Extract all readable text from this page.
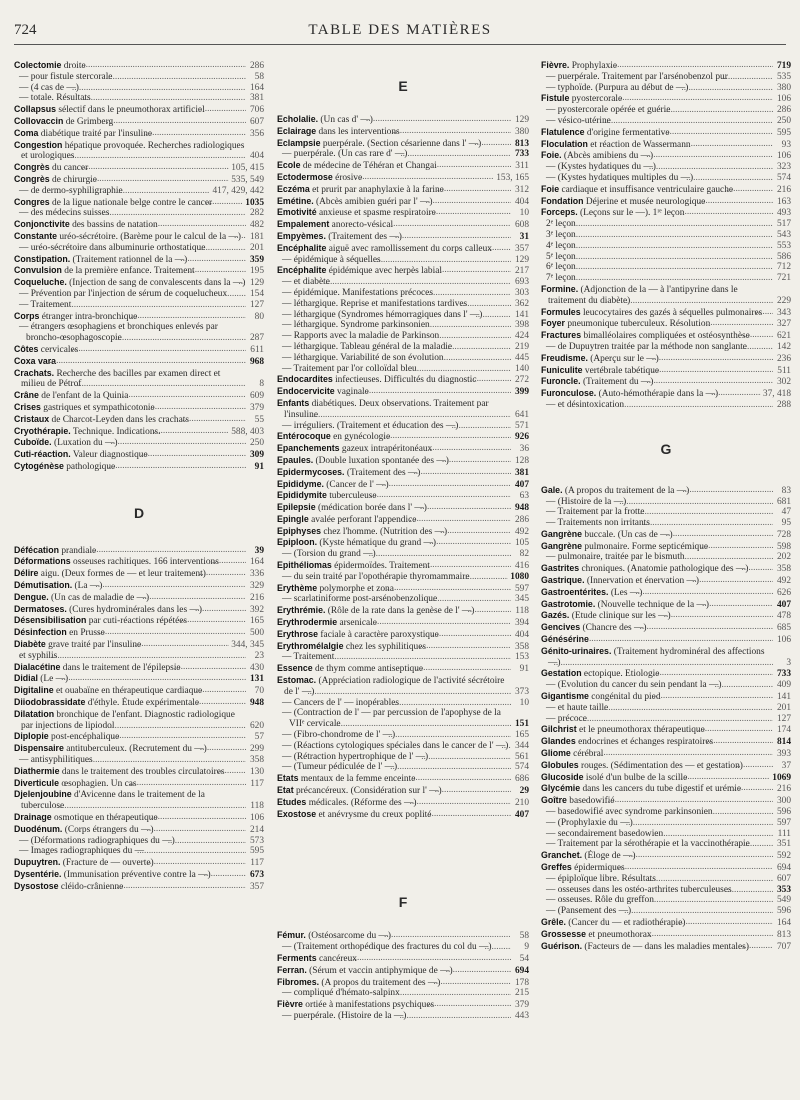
724	TABLE DES MATIÈRES
Colectomie droite .....	286
— pour fistule stercorale .....	58
— (4 cas de —) .....	164
— totale. Résultats .....	381
Collapsus sélectif dans le pneumothorax artificiel .....	706
Collovaccin de Grimberg .....	607
Coma diabétique traité par l'insuline .....	356
Congestion hépatique provoquée. Recherches radiologiques et urologiques .....	404
Congrès du cancer .....	105, 415
Congrès de chirurgie .....	535, 549
— de dermo-syphiligraphie .....	417, 429, 442
Congres de la ligue nationale belge contre le cancer .....	1035
— des médecins suisses .....	282
Conjonctivite des bassins de natation .....	482
Constante uréo-sécrétoire. (Barème pour le calcul de la —) ..... 181
— uréo-sécrétoire dans albuminurie orthostatique .....	201
Constipation. (Traitement rationnel de la —) .....	359
Convulsion de la première enfance. Traitement .....	195
Coqueluche. (Injection de sang de convalescents dans la —) ..... 129
— Prévention par l'injection de sérum de coquelucheux .....	154
— Traitement .....	127
Corps étranger intra-bronchique .....	80
— étrangers œsophagiens et bronchiques enlevés par broncho-œsophagoscopie .....	287
Côtes cervicales .....	611
Coxa vara .....	968
Crachats. Recherche des bacilles par examen direct et milieu de Pétrof .....	8
Crâne de l'enfant de la Quinia .....	609
Crises gastriques et sympathicotonie .....	379
Cristaux de Charcot-Leyden dans les crachats .....	55
Cryothérapie. Technique. Indications. .....	588, 403
Cuboïde. (Luxation du —) .....	250
Cuti-réaction. Valeur diagnostique .....	309
Cytogénèse pathologique .....	91
D
Défécation prandiale .....	39
Déformations osseuses rachitiques. 166 interventions .....	164
Délire aigu. (Deux formes de — et leur traitement) .....	336
Démutisation. (La —) .....	329
Dengue. (Un cas de maladie de —) .....	216
Dermatoses. (Cures hydrominérales dans les —) .....	392
Désensibilisation par cuti-réactions répétées .....	165
Désinfection en Prusse .....	500
Diabète grave traité par l'insuline .....	344, 345
et syphilis .....	23
Dialacétine dans le traitement de l'épilepsie .....	430
Didial (Le —) .....	131
Digitaline et ouabaïne en thérapeutique cardiaque .....	70
Diiodobrassidate d'éthyle. Étude expérimentale .....	948
Dilatation bronchique de l'enfant. Diagnostic radiologique par injections de lipiodol .....	620
Diplopie post-encéphalique .....	57
Dispensaire antituberculeux. (Recrutement du —) .....	299
— antisyphilitiques .....	358
Diathermie dans le traitement des troubles circulatoires .....	130
Diverticule œsophagien. Un cas .....	117
Djelenjoubine d'Avicenne dans le traitement de la tuberculose .....	118
Drainage osmotique en thérapeutique .....	106
Duodénum. (Corps étrangers du —) .....	214
— (Déformations radiographiques du —) .....	573
— Images radiographiques du — .....	595
Dupuytren. (Fracture de — ouverte) .....	117
Dysentérie. (Immunisation préventive contre la —) .....	673
Dysostose cléido-crânienne .....	357
E
Echolalie. (Un cas d' —) .....	129
Eclairage dans les interventions .....	380
Eclampsie puerpérale. (Section césarienne dans l' —) .....	813
— puerpérale. (Un cas rare d' —) .....	733
Ecole de médecine de Téhéran et Changai .....	311
Ectodermose érosive .....	153, 165
Eczéma et prurit par anaphylaxie à la farine .....	312
Emétine. (Abcès amibien guéri par l' —) .....	404
Emotivité anxieuse et spasme respiratoire .....	10
Empalement anorecto-vésical .....	608
Empyèmes. (Traitement des —) .....	31
Encéphalite aiguë avec ramollissement du corps calleux .....	357
— épidémique à séquelles .....	129
Encéphalite épidémique avec herpès labial .....	217
— et diabète .....	693
— épidémique. Manifestations précoces .....	303
— léthargique. Reprise et manifestations tardives .....	362
— léthargique (Syndromes hémorragiques dans l' —) .....	141
— léthargique. Syndrome parkinsonien .....	398
— Rapports avec la maladie de Parkinson .....	424
— léthargique. Tableau général de la maladie .....	219
— léthargique. Variabilité de son évolution .....	445
— Traitement par l'or colloïdal bleu .....	140
Endocardites infectieuses. Difficultés du diagnostic .....	272
Endocervicite vaginale .....	399
Enfants diabétiques. Deux observations. Traitement par l'insuline .....	641
— irréguliers. (Traitement et éducation des —) .....	571
Entérocoque en gynécologie .....	926
Epanchements gazeux intrapéritonéaux .....	36
Epaules. (Double luxation spontanée des —) .....	128
Epidermycoses. (Traitement des —) .....	381
Epididyme. (Cancer de l' —) .....	407
Epididymite tuberculeuse .....	63
Epilepsie (médication borée dans l' —) .....	948
Epingle avalée perforant l'appendice .....	286
Epiphyses chez l'homme. (Nutrition des —) .....	492
Epiploon. (Kyste hématique du grand —) .....	105
— (Torsion du grand —) .....	82
Epithéliomas épidermoïdes. Traitement .....	416
— du sein traité par l'opothérapie thyromammaire .....	1080
Erythème polymorphe et zona .....	597
— scarlatiniforme post-arsénobenzolique .....	345
Erythrémie. (Rôle de la rate dans la genèse de l' —) .....	118
Erythrodermie arsenicale .....	394
Erythrose faciale à caractère paroxystique .....	404
Erythromélalgie chez les syphilitiques .....	358
— Traitement .....	153
Essence de thym comme antiseptique .....	91
Estomac. (Appréciation radiologique de l'activité sécrétoire de l' —) .....	373
— Cancers de l' — inopérables .....	10
— (Contraction de l' — par percussion de l'apophyse de la VIIᵉ cervicale .....	151
— (Fibro-chondrome de l' —) .....	165
— (Réactions cytologiques spéciales dans le cancer de l' —) ..... 344
— (Rétraction hypertrophique de l' —) .....	561
— (Tumeur pédiculée de l' —) .....	574
Etats mentaux de la femme enceinte .....	686
Etat précancéreux. (Considération sur l' —) .....	29
Etudes médicales. (Réforme des —) .....	210
Exostose et anévrysme du creux poplité .....	407
F
Fémur. (Ostéosarcome du —) .....	58
— (Traitement orthopédique des fractures du col du —) .....	9
Ferments cancéreux .....	54
Ferran. (Sérum et vaccin antiphymique de —) .....	694
Fibromes. (A propos du traitement des —) .....	178
— compliqué d'hémato-salpinx .....	215
Fièvre ortiée à manifestations psychiques .....	379
— puerpérale. (Histoire de la —) .....	443
Fièvre. Prophylaxie .....	719
— puerpérale. Traitement par l'arsénobenzol pur .....	535
— typhoïde. (Purpura au début de —) .....	380
Fistule pyostercorale .....	106
— pyostercorale opérée et guérie .....	286
— vésico-utérine .....	250
Flatulence d'origine fermentative .....	595
Floculation et réaction de Wassermann .....	93
Foie. (Abcès amibiens du —) .....	106
— (Kystes hydatiques du —) .....	323
— (Kystes hydatiques multiples du —) .....	574
Foie cardiaque et insuffisance ventriculaire gauche .....	216
Fondation Déjerine et musée neurologique .....	163
Forceps. (Leçons sur le —). 1ʳᵉ leçon .....	493
2ᵉ leçon .....	517
3ᵉ leçon .....	543
4ᵉ leçon .....	553
5ᵉ leçon .....	586
6ᵉ leçon .....	712
7ᵉ leçon .....	721
Formine. (Adjonction de la — à l'antipyrine dans le traitement du diabète) .....	229
Formules leucocytaires des gazés à séquelles pulmonaires .....	343
Foyer pneumonique tuberculeux. Résolution .....	327
Fractures bimalléolaires compliquées et ostéosynthèse .....	621
— de Dupuytren traitée par la méthode non sanglante .....	142
Freudisme. (Aperçu sur le —) .....	236
Funiculite vertébrale tabétique .....	511
Furoncle. (Traitement du —) .....	302
Furonculose. (Auto-hémothérapie dans la —) .....	37, 418
— et désintoxication .....	288
G
Gale. (A propos du traitement de la —) .....	83
— (Histoire de la —) .....	681
— Traitement par la frotte .....	47
— Traitements non irritants .....	95
Gangrène buccale. (Un cas de —) .....	728
Gangrène pulmonaire. Forme septicémique .....	598
— pulmonaire, traitée par le bismuth .....	202
Gastrites chroniques. (Anatomie pathologique des —) .....	358
Gastrique. (Innervation et énervation —) .....	492
Gastroentérites. (Les —) .....	626
Gastrotomie. (Nouvelle technique de la —) .....	407
Gazés. (Etude clinique sur les —) .....	478
Gencives (Chancre des —) .....	685
Génésérine .....	106
Génito-urinaires. (Traitement hydrominéral des affections —) .....	3
Gestation ectopique. Etiologie .....	733
— (Evolution du cancer du sein pendant la —) .....	409
Gigantisme congénital du pied .....	141
— et haute taille .....	201
— précoce .....	127
Gilchrist et le pneumothorax thérapeutique .....	174
Glandes endocrines et échanges respiratoires .....	814
Gliome cérébral .....	393
Globules rouges. (Sédimentation des — et gestation) .....	37
Glucoside isolé d'un bulbe de la scille .....	1069
Glycémie dans les cancers du tube digestif et urémie .....	216
Goître basedowifié .....	300
— basedowifié avec syndrome parkinsonien .....	596
— (Prophylaxie du —) .....	597
— secondairement basedowien .....	111
— Traitement par la sérothérapie et la vaccinothérapie .....	351
Granchet. (Éloge de —) .....	592
Greffes épidermiques .....	694
— épiploïque libre. Résultats .....	607
— osseuses dans les ostéo-arthrites tuberculeuses .....	353
— osseuses. Rôle du greffon .....	549
— (Pansement des —) .....	596
Grêle. (Cancer du — et radiothérapie) .....	164
Grossesse et pneumothorax .....	813
Guérison. (Facteurs de — dans les maladies mentales) .....	707
